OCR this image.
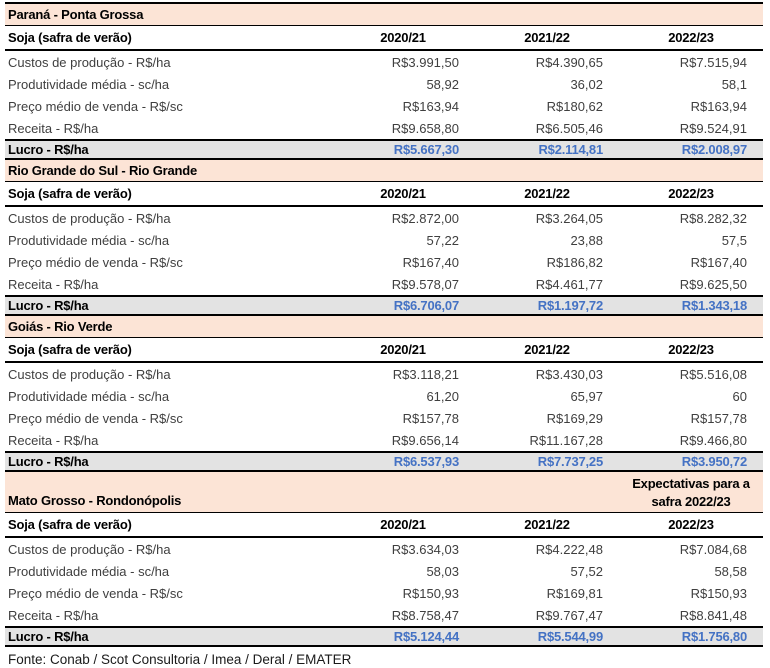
Paraná - Ponta Grossa
Soja (safra de verão)	2020/21	2021/22	2022/23
Custos de produção - R$/ha	R$3.991,50	R$4.390,65	R$7.515,94
Produtividade média - sc/ha	58,92	36,02	58,1
Preço médio de venda - R$/sc	R$163,94	R$180,62	R$163,94
Receita - R$/ha	R$9.658,80	R$6.505,46	R$9.524,91
Lucro - R$/ha	R$5.667,30	R$2.114,81	R$2.008,97
Rio Grande do Sul - Rio Grande
Soja (safra de verão)	2020/21	2021/22	2022/23
Custos de produção - R$/ha	R$2.872,00	R$3.264,05	R$8.282,32
Produtividade média - sc/ha	57,22	23,88	57,5
Preço médio de venda - R$/sc	R$167,40	R$186,82	R$167,40
Receita - R$/ha	R$9.578,07	R$4.461,77	R$9.625,50
Lucro - R$/ha	R$6.706,07	R$1.197,72	R$1.343,18
Goiás - Rio Verde
Soja (safra de verão)	2020/21	2021/22	2022/23
Custos de produção - R$/ha	R$3.118,21	R$3.430,03	R$5.516,08
Produtividade média - sc/ha	61,20	65,97	60
Preço médio de venda - R$/sc	R$157,78	R$169,29	R$157,78
Receita - R$/ha	R$9.656,14	R$11.167,28	R$9.466,80
Lucro - R$/ha	R$6.537,93	R$7.737,25	R$3.950,72
Mato Grosso - Rondonópolis
Expectativas para a
safra 2022/23
Soja (safra de verão)	2020/21	2021/22	2022/23
Custos de produção - R$/ha	R$3.634,03	R$4.222,48	R$7.084,68
Produtividade média - sc/ha	58,03	57,52	58,58
Preço médio de venda - R$/sc	R$150,93	R$169,81	R$150,93
Receita - R$/ha	R$8.758,47	R$9.767,47	R$8.841,48
Lucro - R$/ha	R$5.124,44	R$5.544,99	R$1.756,80
Fonte: Conab / Scot Consultoria / Imea / Deral / EMATER
